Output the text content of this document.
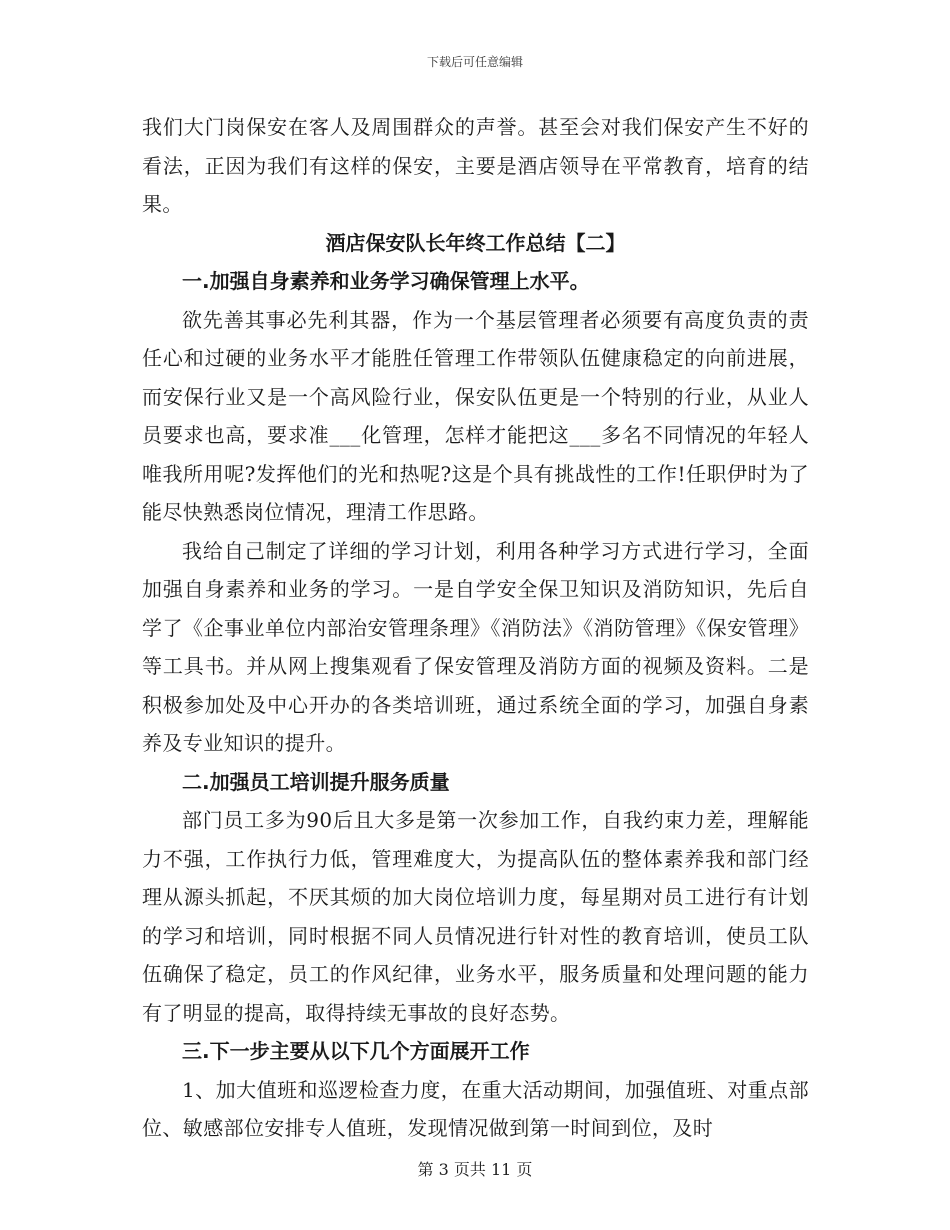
下载后可任意编辑

我们大门岗保安在客人及周围群众的声誉。甚至会对我们保安产生不好的看法，正因为我们有这样的保安，主要是酒店领导在平常教育，培育的结果。

酒店保安队长年终工作总结【二】

一.加强自身素养和业务学习确保管理上水平。

欲先善其事必先利其器，作为一个基层管理者必须要有高度负责的责任心和过硬的业务水平才能胜任管理工作带领队伍健康稳定的向前进展，而安保行业又是一个高风险行业，保安队伍更是一个特别的行业，从业人员要求也高，要求准___化管理，怎样才能把这___多名不同情况的年轻人唯我所用呢?发挥他们的光和热呢?这是个具有挑战性的工作!任职伊时为了能尽快熟悉岗位情况，理清工作思路。

我给自己制定了详细的学习计划，利用各种学习方式进行学习，全面加强自身素养和业务的学习。一是自学安全保卫知识及消防知识，先后自学了《企事业单位内部治安管理条理》《消防法》《消防管理》《保安管理》等工具书。并从网上搜集观看了保安管理及消防方面的视频及资料。二是积极参加处及中心开办的各类培训班，通过系统全面的学习，加强自身素养及专业知识的提升。

二.加强员工培训提升服务质量

部门员工多为90后且大多是第一次参加工作，自我约束力差，理解能力不强，工作执行力低，管理难度大，为提高队伍的整体素养我和部门经理从源头抓起，不厌其烦的加大岗位培训力度，每星期对员工进行有计划的学习和培训，同时根据不同人员情况进行针对性的教育培训，使员工队伍确保了稳定，员工的作风纪律，业务水平，服务质量和处理问题的能力有了明显的提高，取得持续无事故的良好态势。

三.下一步主要从以下几个方面展开工作

1、加大值班和巡逻检查力度，在重大活动期间，加强值班、对重点部位、敏感部位安排专人值班，发现情况做到第一时间到位，及时

第 3 页共 11 页
